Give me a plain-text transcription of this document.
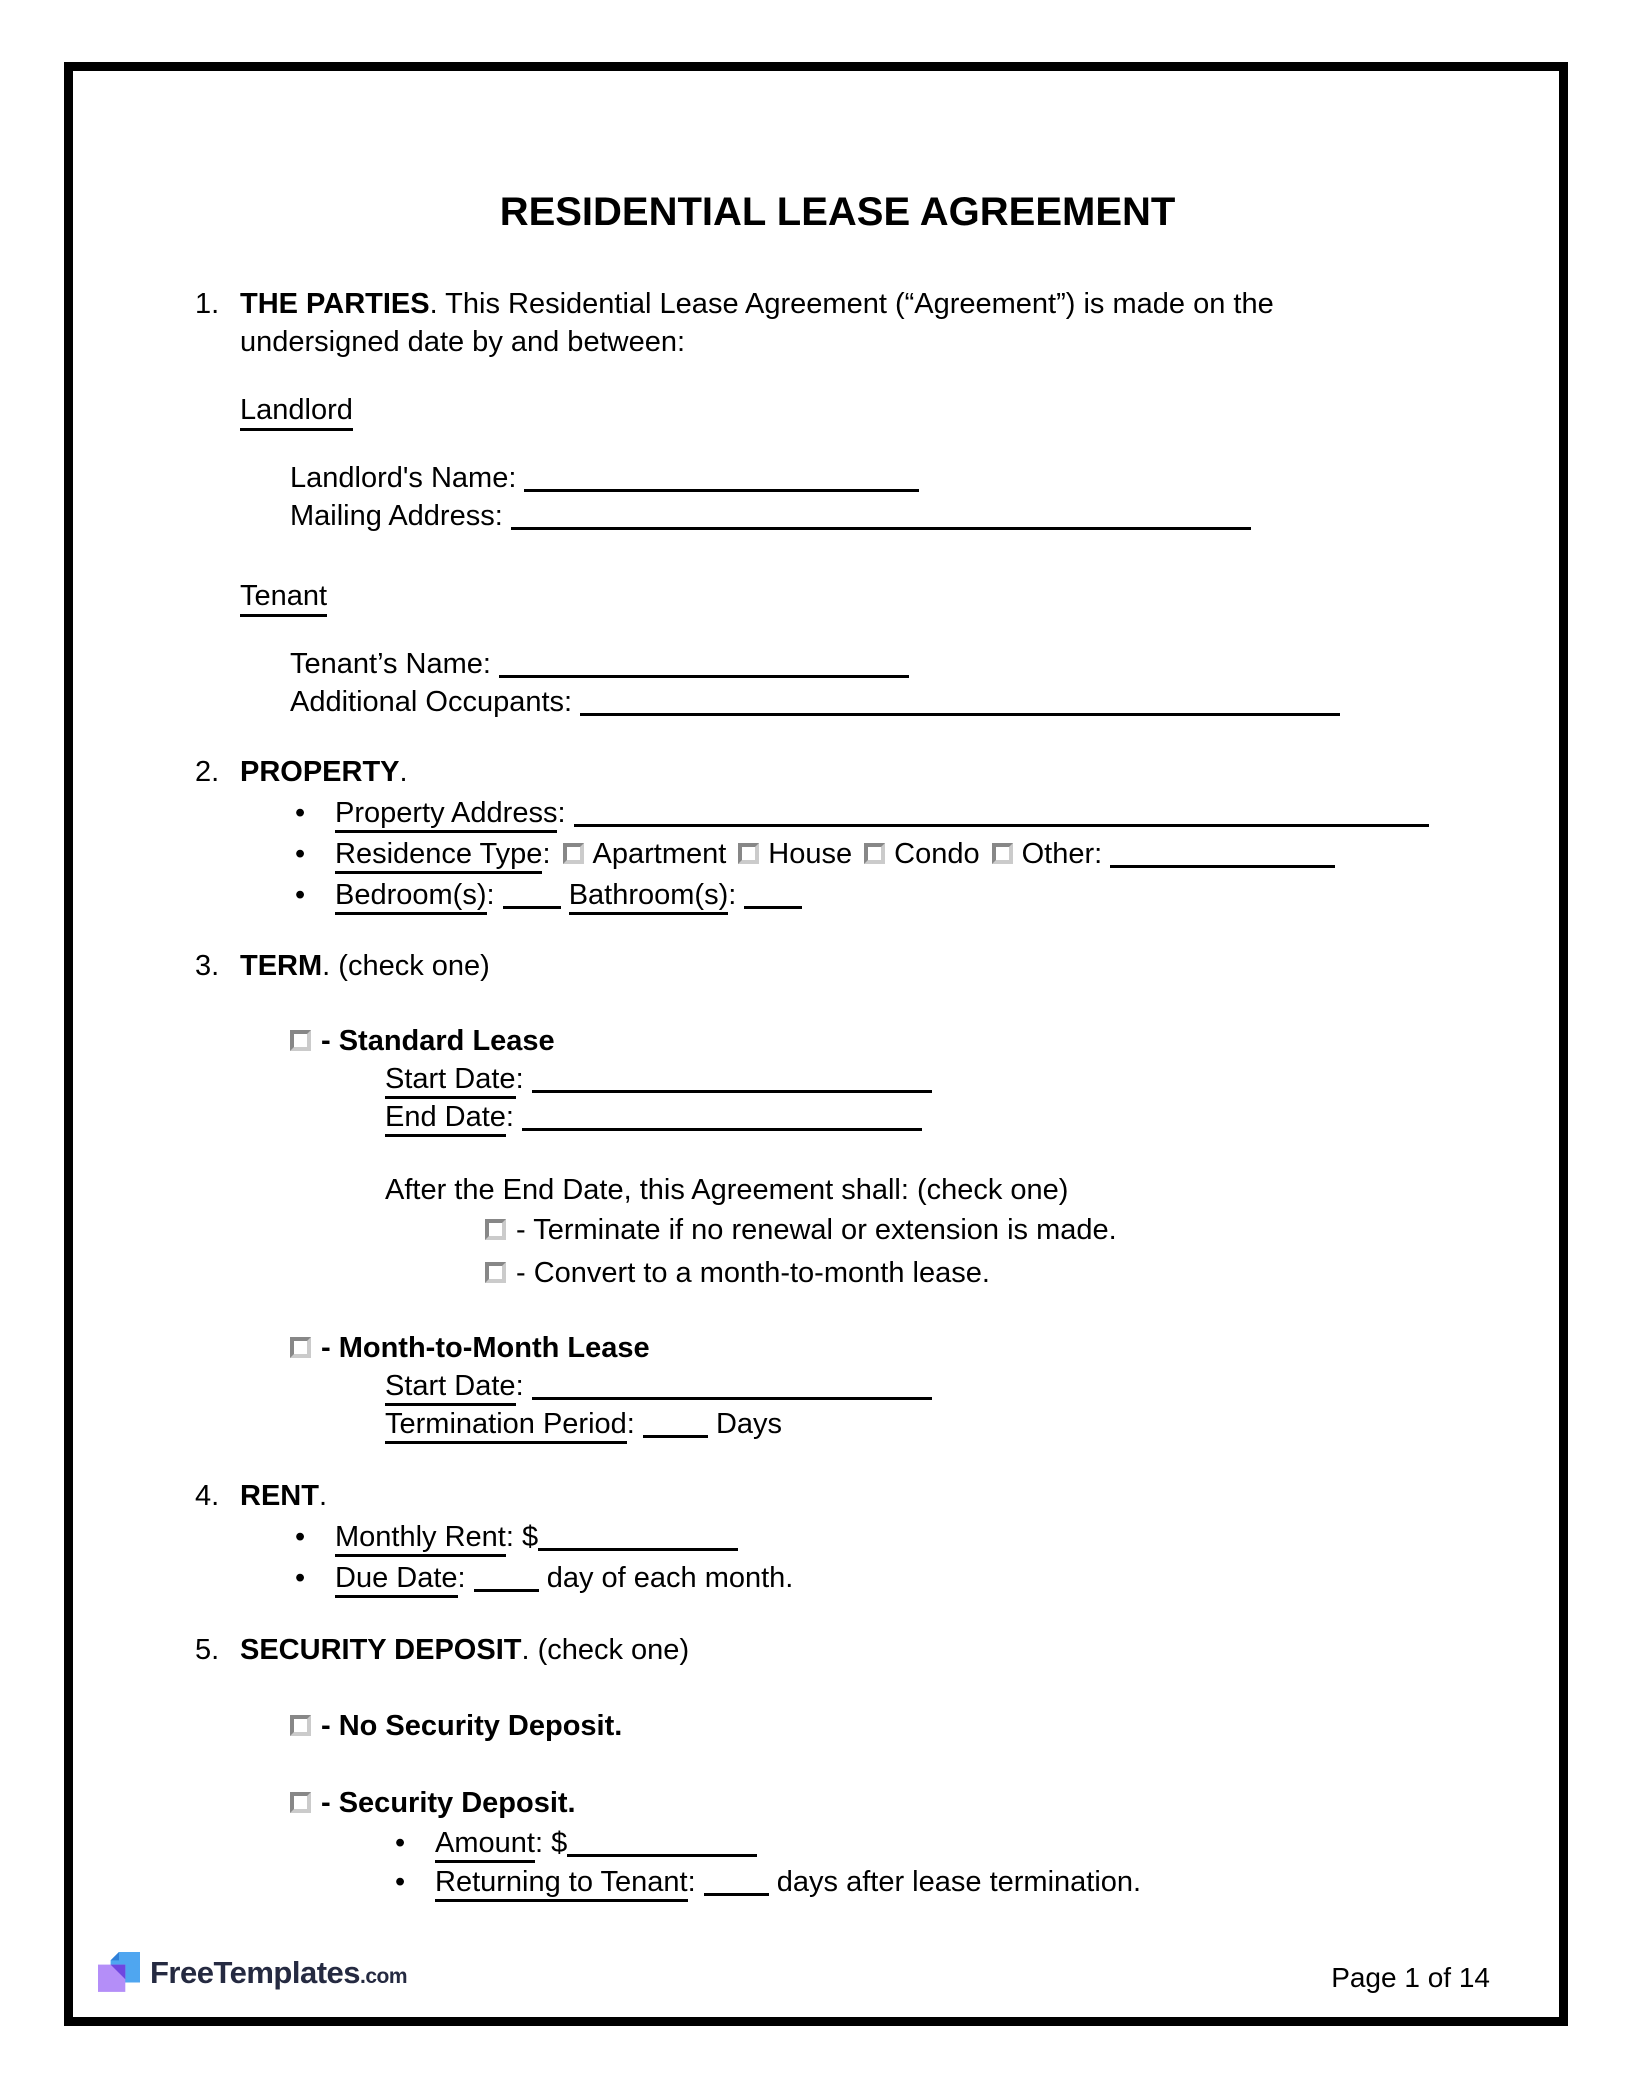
RESIDENTIAL LEASE AGREEMENT
1. THE PARTIES. This Residential Lease Agreement (“Agreement”) is made on the undersigned date by and between:
Landlord
Landlord's Name:
Mailing Address:
Tenant
Tenant’s Name:
Additional Occupants:
2. PROPERTY.
• Property Address:
• Residence Type: Apartment House Condo Other:
• Bedroom(s):	Bathroom(s):
3. TERM. (check one)
- Standard Lease
Start Date:
End Date:
After the End Date, this Agreement shall: (check one)
- Terminate if no renewal or extension is made.
- Convert to a month-to-month lease.
- Month-to-Month Lease
Start Date:
Termination Period:	Days
4. RENT.
• Monthly Rent: $
• Due Date:	day of each month.
5. SECURITY DEPOSIT. (check one)
- No Security Deposit.
- Security Deposit.
• Amount: $
• Returning to Tenant:	days after lease termination.
FreeTemplates.com	Page 1 of 14
